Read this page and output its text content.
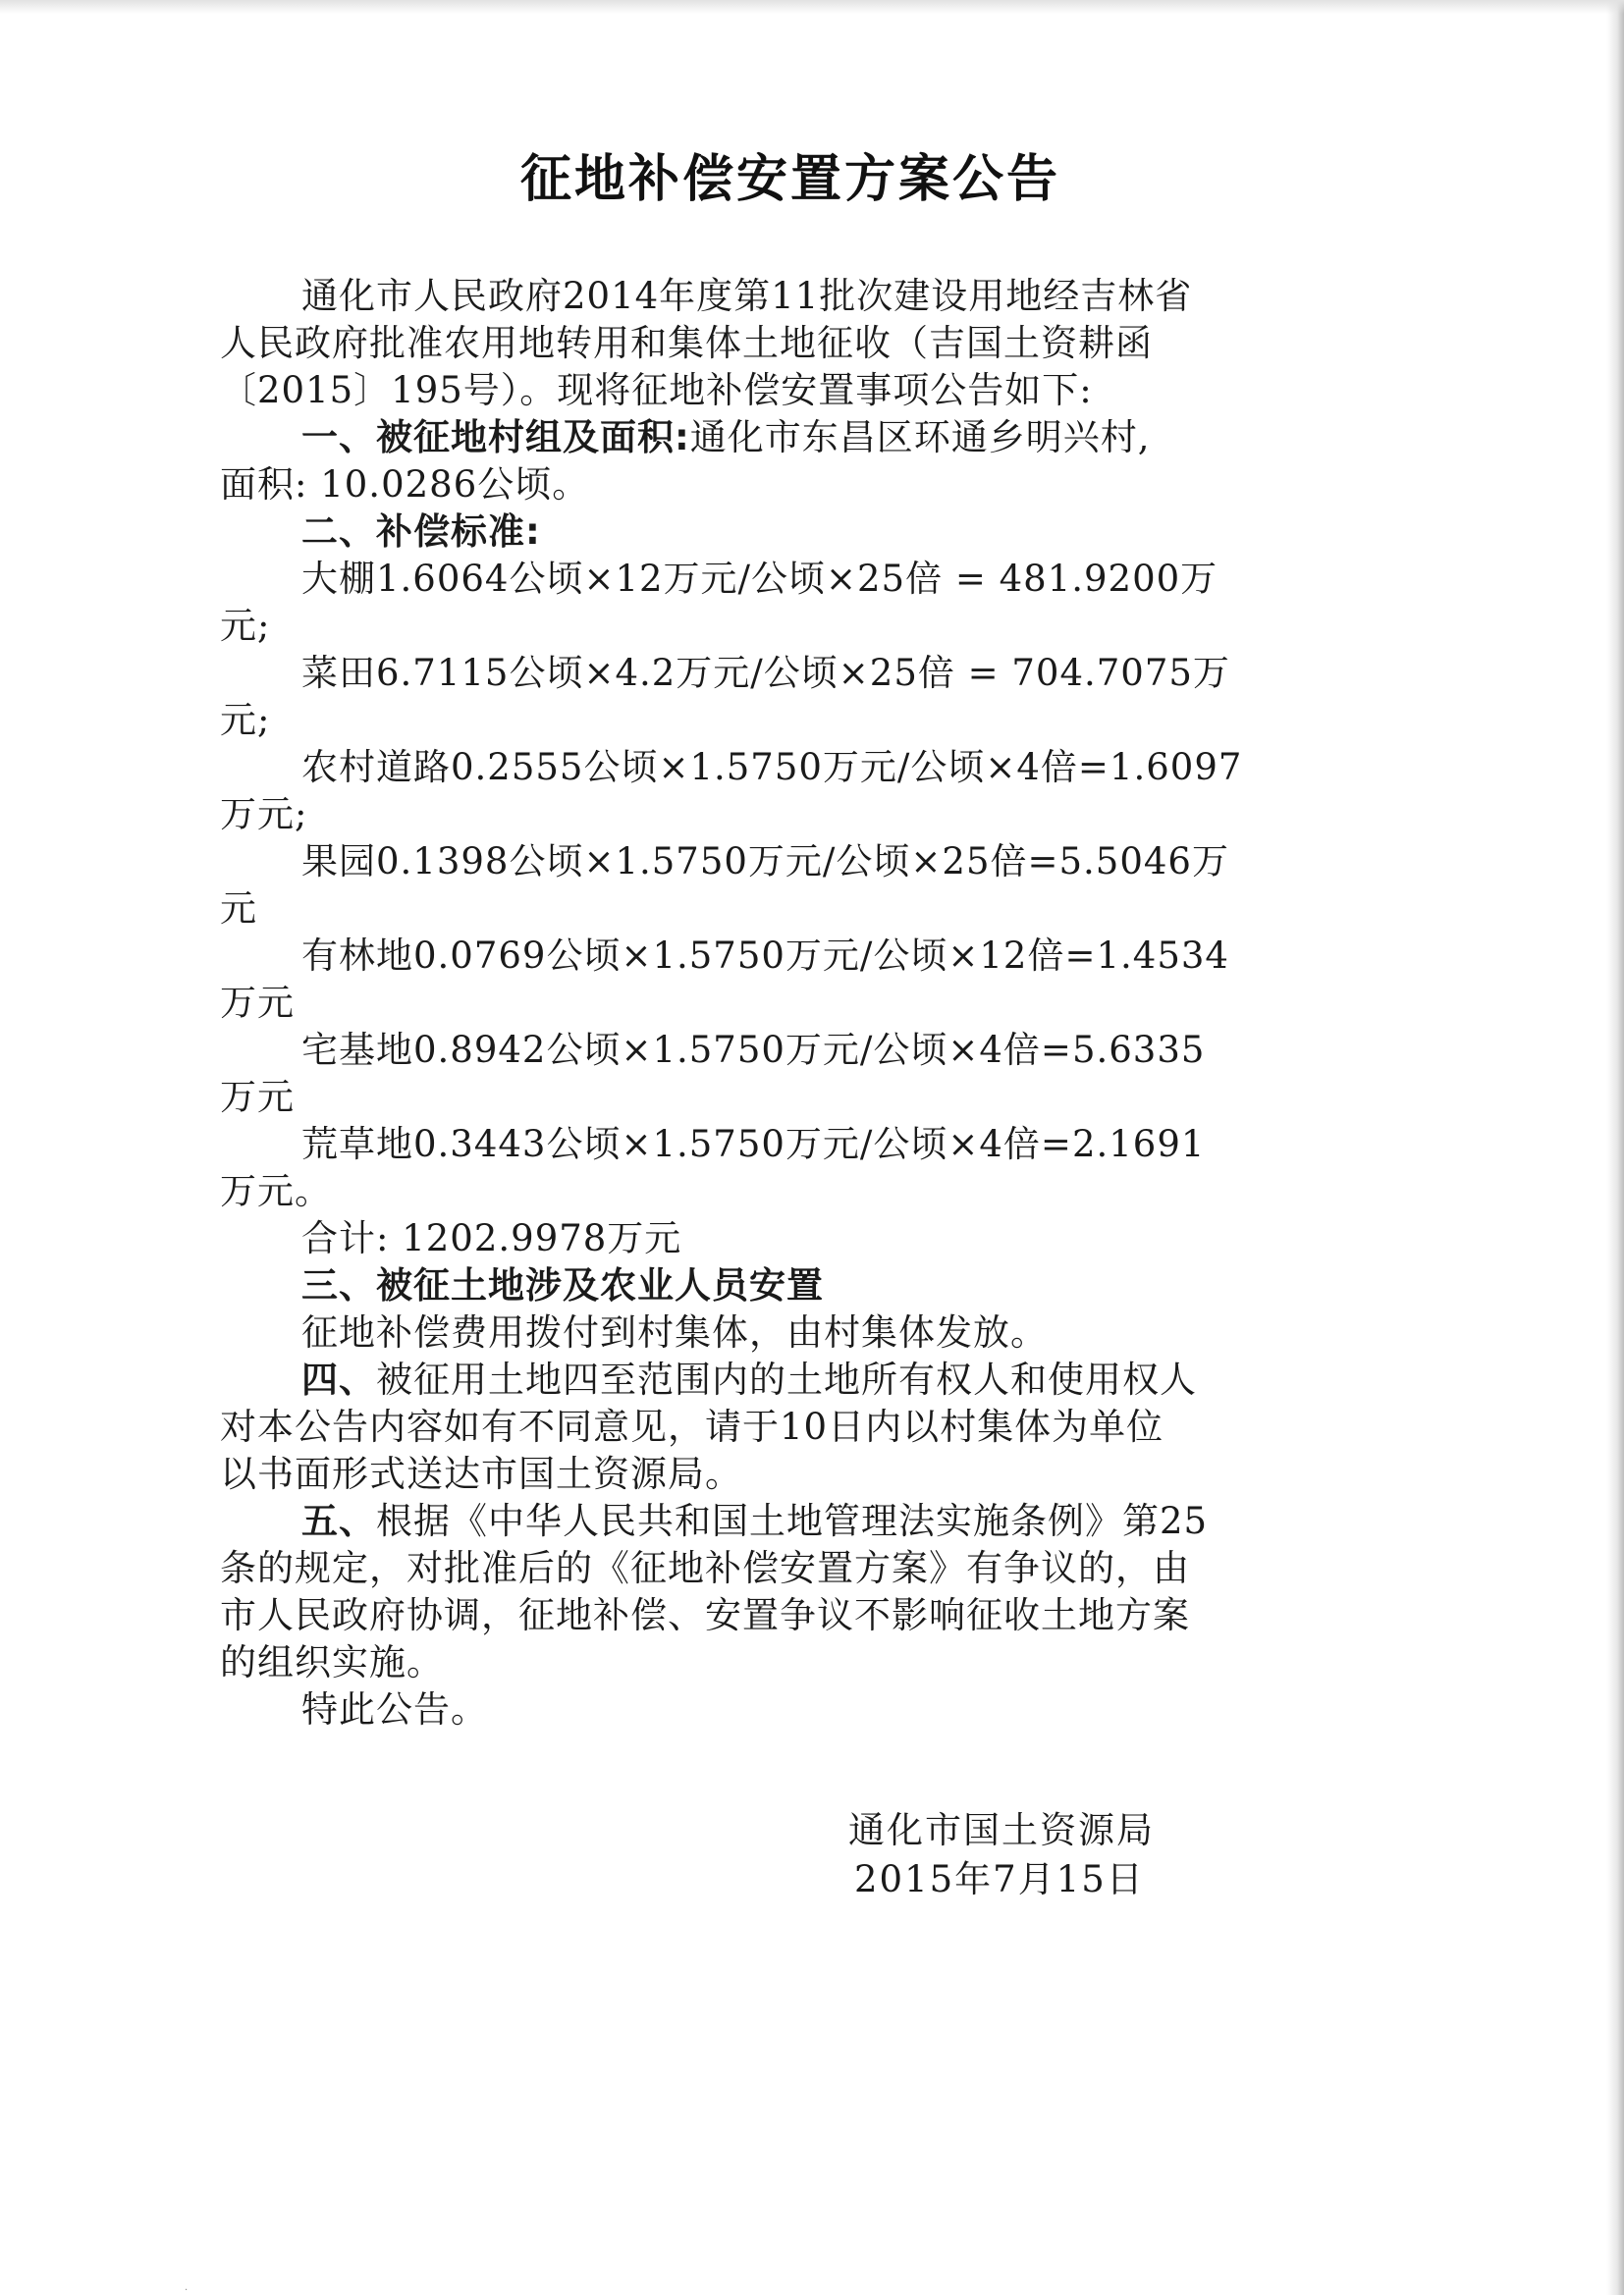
征地补偿安置方案公告
通化市人民政府2014年度第11批次建设用地经吉林省
人民政府批准农用地转用和集体土地征收（吉国土资耕函
〔2015〕195号）。现将征地补偿安置事项公告如下:
一、被征地村组及面积:通化市东昌区环通乡明兴村,
面积: 10.0286公顷。
二、补偿标准:
大棚1.6064公顷×12万元/公顷×25倍 = 481.9200万
元;
菜田6.7115公顷×4.2万元/公顷×25倍 = 704.7075万
元;
农村道路0.2555公顷×1.5750万元/公顷×4倍=1.6097
万元;
果园0.1398公顷×1.5750万元/公顷×25倍=5.5046万
元
有林地0.0769公顷×1.5750万元/公顷×12倍=1.4534
万元
宅基地0.8942公顷×1.5750万元/公顷×4倍=5.6335
万元
荒草地0.3443公顷×1.5750万元/公顷×4倍=2.1691
万元。
合计: 1202.9978万元
三、被征土地涉及农业人员安置
征地补偿费用拨付到村集体，由村集体发放。
四、被征用土地四至范围内的土地所有权人和使用权人
对本公告内容如有不同意见，请于10日内以村集体为单位
以书面形式送达市国土资源局。
五、根据《中华人民共和国土地管理法实施条例》第25
条的规定，对批准后的《征地补偿安置方案》有争议的，由
市人民政府协调，征地补偿、安置争议不影响征收土地方案
的组织实施。
特此公告。
通化市国土资源局
2015年7月15日
·
